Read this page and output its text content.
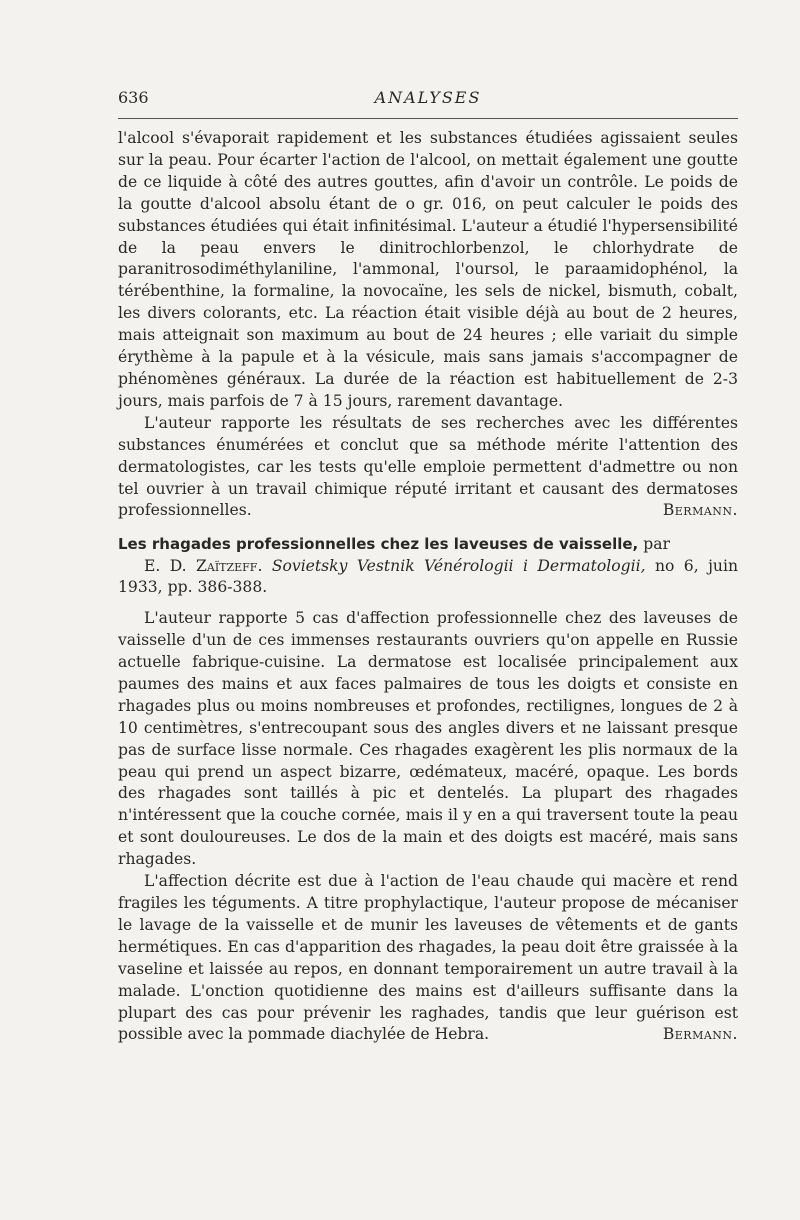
636	ANALYSES

l'alcool s'évaporait rapidement et les substances étudiées agissaient seules sur la peau. Pour écarter l'action de l'alcool, on mettait également une goutte de ce liquide à côté des autres gouttes, afin d'avoir un contrôle. Le poids de la goutte d'alcool absolu étant de o gr. 016, on peut calculer le poids des substances étudiées qui était infinitésimal. L'auteur a étudié l'hypersensibilité de la peau envers le dinitrochlorbenzol, le chlorhydrate de paranitrosodiméthylaniline, l'ammonal, l'oursol, le paraamidophénol, la térébenthine, la formaline, la novocaïne, les sels de nickel, bismuth, cobalt, les divers colorants, etc. La réaction était visible déjà au bout de 2 heures, mais atteignait son maximum au bout de 24 heures ; elle variait du simple érythème à la papule et à la vésicule, mais sans jamais s'accompagner de phénomènes généraux. La durée de la réaction est habituellement de 2-3 jours, mais parfois de 7 à 15 jours, rarement davantage.

L'auteur rapporte les résultats de ses recherches avec les différentes substances énumérées et conclut que sa méthode mérite l'attention des dermatologistes, car les tests qu'elle emploie permettent d'admettre ou non tel ouvrier à un travail chimique réputé irritant et causant des dermatoses professionnelles.	Bermann.

Les rhagades professionnelles chez les laveuses de vaisselle, par

E. D. Zaïtzeff. Sovietsky Vestnik Vénérologii i Dermatologii, no 6, juin 1933, pp. 386-388.

L'auteur rapporte 5 cas d'affection professionnelle chez des laveuses de vaisselle d'un de ces immenses restaurants ouvriers qu'on appelle en Russie actuelle fabrique-cuisine. La dermatose est localisée principalement aux paumes des mains et aux faces palmaires de tous les doigts et consiste en rhagades plus ou moins nombreuses et profondes, rectilignes, longues de 2 à 10 centimètres, s'entrecoupant sous des angles divers et ne laissant presque pas de surface lisse normale. Ces rhagades exagèrent les plis normaux de la peau qui prend un aspect bizarre, œdémateux, macéré, opaque. Les bords des rhagades sont taillés à pic et dentelés. La plupart des rhagades n'intéressent que la couche cornée, mais il y en a qui traversent toute la peau et sont douloureuses. Le dos de la main et des doigts est macéré, mais sans rhagades.

L'affection décrite est due à l'action de l'eau chaude qui macère et rend fragiles les téguments. A titre prophylactique, l'auteur propose de mécaniser le lavage de la vaisselle et de munir les laveuses de vêtements et de gants hermétiques. En cas d'apparition des rhagades, la peau doit être graissée à la vaseline et laissée au repos, en donnant temporairement un autre travail à la malade. L'onction quotidienne des mains est d'ailleurs suffisante dans la plupart des cas pour prévenir les raghades, tandis que leur guérison est possible avec la pommade diachylée de Hebra.	Bermann.
